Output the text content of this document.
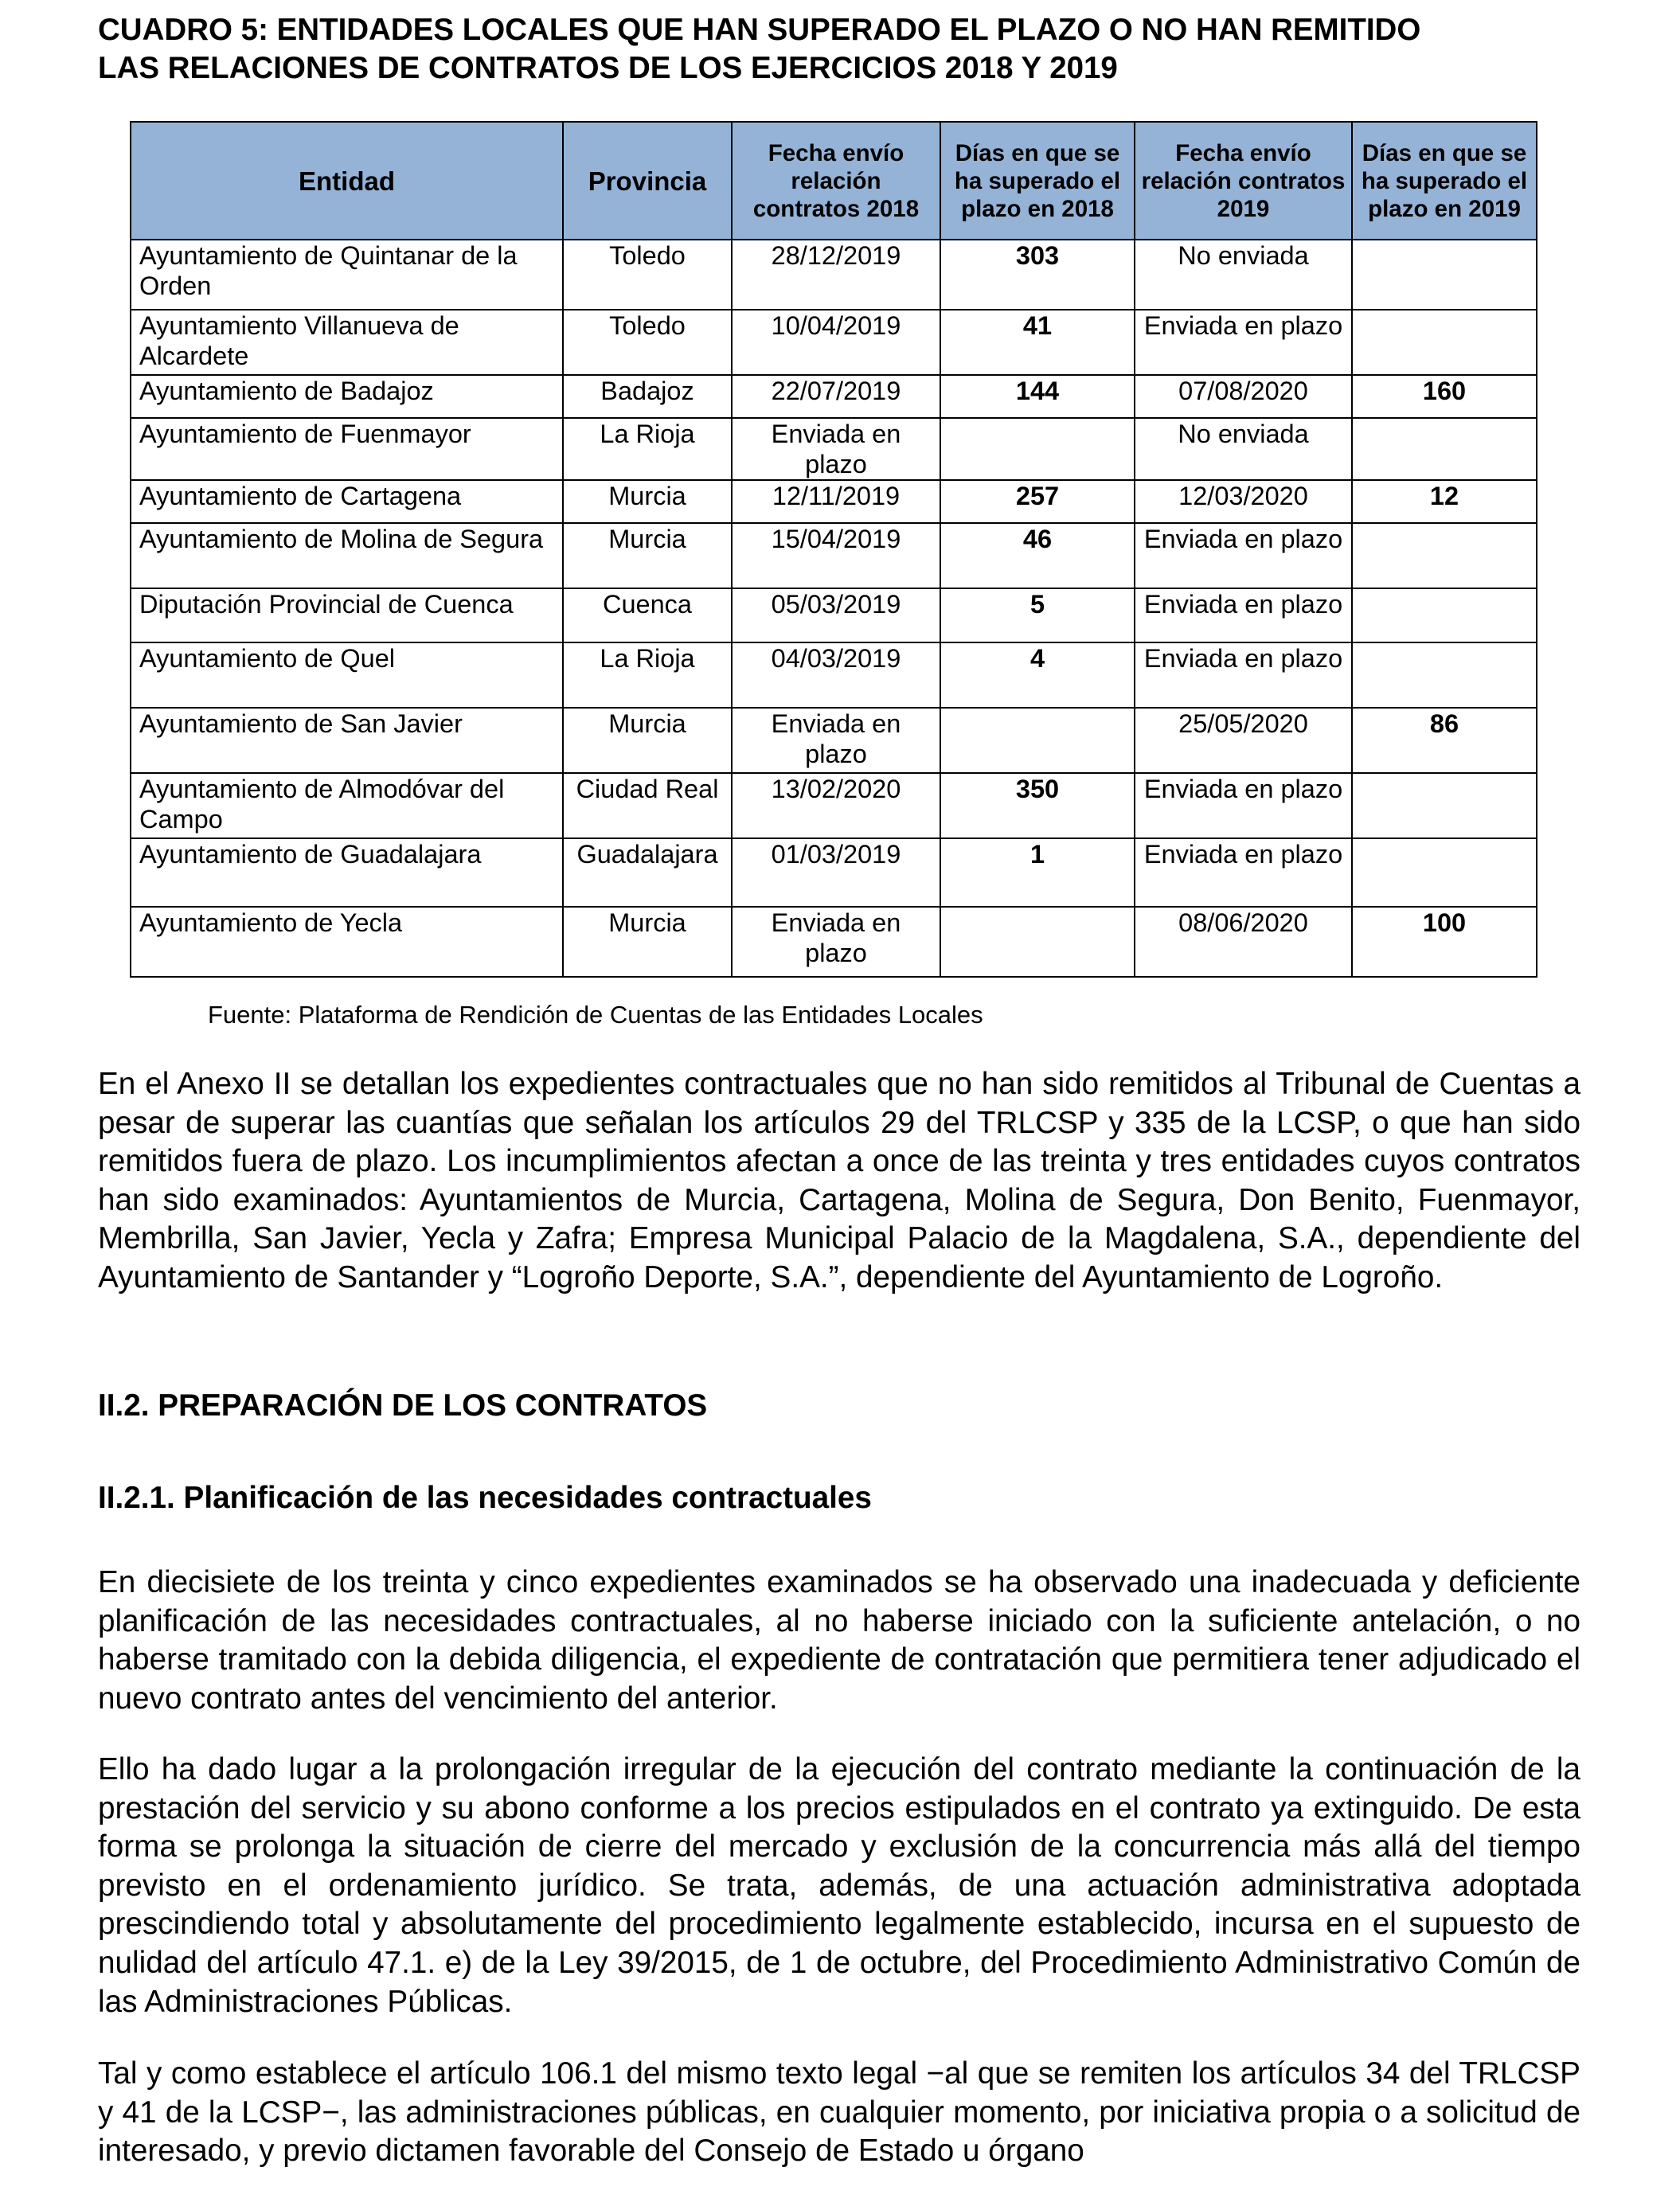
CUADRO 5: ENTIDADES LOCALES QUE HAN SUPERADO EL PLAZO O NO HAN REMITIDO

LAS RELACIONES DE CONTRATOS DE LOS EJERCICIOS 2018 Y 2019

Entidad	Provincia	Fecha envío relación contratos 2018	Días en que se ha superado el plazo en 2018	Fecha envío relación contratos 2019	Días en que se ha superado el plazo en 2019
Ayuntamiento de Quintanar de la Orden	Toledo	28/12/2019	303	No enviada	
Ayuntamiento Villanueva de Alcardete	Toledo	10/04/2019	41	Enviada en plazo	
Ayuntamiento de Badajoz	Badajoz	22/07/2019	144	07/08/2020	160
Ayuntamiento de Fuenmayor	La Rioja	Enviada en plazo		No enviada	
Ayuntamiento de Cartagena	Murcia	12/11/2019	257	12/03/2020	12
Ayuntamiento de Molina de Segura	Murcia	15/04/2019	46	Enviada en plazo	
Diputación Provincial de Cuenca	Cuenca	05/03/2019	5	Enviada en plazo	
Ayuntamiento de Quel	La Rioja	04/03/2019	4	Enviada en plazo	
Ayuntamiento de San Javier	Murcia	Enviada en plazo		25/05/2020	86
Ayuntamiento de Almodóvar del Campo	Ciudad Real	13/02/2020	350	Enviada en plazo	
Ayuntamiento de Guadalajara	Guadalajara	01/03/2019	1	Enviada en plazo	
Ayuntamiento de Yecla	Murcia	Enviada en plazo		08/06/2020	100
Fuente: Plataforma de Rendición de Cuentas de las Entidades Locales

En el Anexo II se detallan los expedientes contractuales que no han sido remitidos al Tribunal de Cuentas a pesar de superar las cuantías que señalan los artículos 29 del TRLCSP y 335 de la LCSP, o que han sido remitidos fuera de plazo. Los incumplimientos afectan a once de las treinta y tres entidades cuyos contratos han sido examinados: Ayuntamientos de Murcia, Cartagena, Molina de Segura, Don Benito, Fuenmayor, Membrilla, San Javier, Yecla y Zafra; Empresa Municipal Palacio de la Magdalena, S.A., dependiente del Ayuntamiento de Santander y “Logroño Deporte, S.A.”, dependiente del Ayuntamiento de Logroño.

II.2. PREPARACIÓN DE LOS CONTRATOS

II.2.1. Planificación de las necesidades contractuales

En diecisiete de los treinta y cinco expedientes examinados se ha observado una inadecuada y deficiente planificación de las necesidades contractuales, al no haberse iniciado con la suficiente antelación, o no haberse tramitado con la debida diligencia, el expediente de contratación que permitiera tener adjudicado el nuevo contrato antes del vencimiento del anterior.

Ello ha dado lugar a la prolongación irregular de la ejecución del contrato mediante la continuación de la prestación del servicio y su abono conforme a los precios estipulados en el contrato ya extinguido. De esta forma se prolonga la situación de cierre del mercado y exclusión de la concurrencia más allá del tiempo previsto en el ordenamiento jurídico. Se trata, además, de una actuación administrativa adoptada prescindiendo total y absolutamente del procedimiento legalmente establecido, incursa en el supuesto de nulidad del artículo 47.1. e) de la Ley 39/2015, de 1 de octubre, del Procedimiento Administrativo Común de las Administraciones Públicas.

Tal y como establece el artículo 106.1 del mismo texto legal −al que se remiten los artículos 34 del TRLCSP y 41 de la LCSP−, las administraciones públicas, en cualquier momento, por iniciativa propia o a solicitud de interesado, y previo dictamen favorable del Consejo de Estado u órgano
